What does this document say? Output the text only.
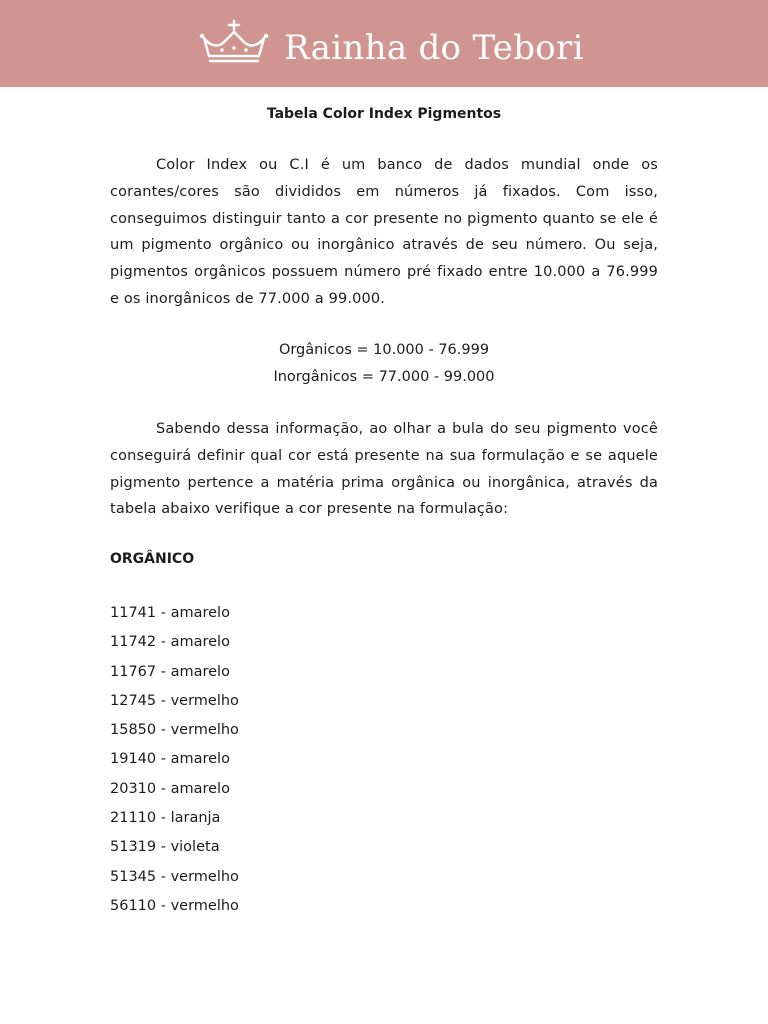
Rainha do Tebori
Tabela Color Index Pigmentos

Color Index ou C.I é um banco de dados mundial onde os corantes/cores são divididos em números já fixados. Com isso, conseguimos distinguir tanto a cor presente no pigmento quanto se ele é um pigmento orgânico ou inorgânico através de seu número. Ou seja, pigmentos orgânicos possuem número pré fixado entre 10.000 a 76.999 e os inorgânicos de 77.000 a 99.000.

Orgânicos = 10.000 - 76.999
Inorgânicos = 77.000 - 99.000

Sabendo dessa informação, ao olhar a bula do seu pigmento você conseguirá definir qual cor está presente na sua formulação e se aquele pigmento pertence a matéria prima orgânica ou inorgânica, através da tabela abaixo verifique a cor presente na formulação:

ORGÂNICO
11741 - amarelo
11742 - amarelo
11767 - amarelo
12745 - vermelho
15850 - vermelho
19140 - amarelo
20310 - amarelo
21110 - laranja
51319 - violeta
51345 - vermelho
56110 - vermelho
